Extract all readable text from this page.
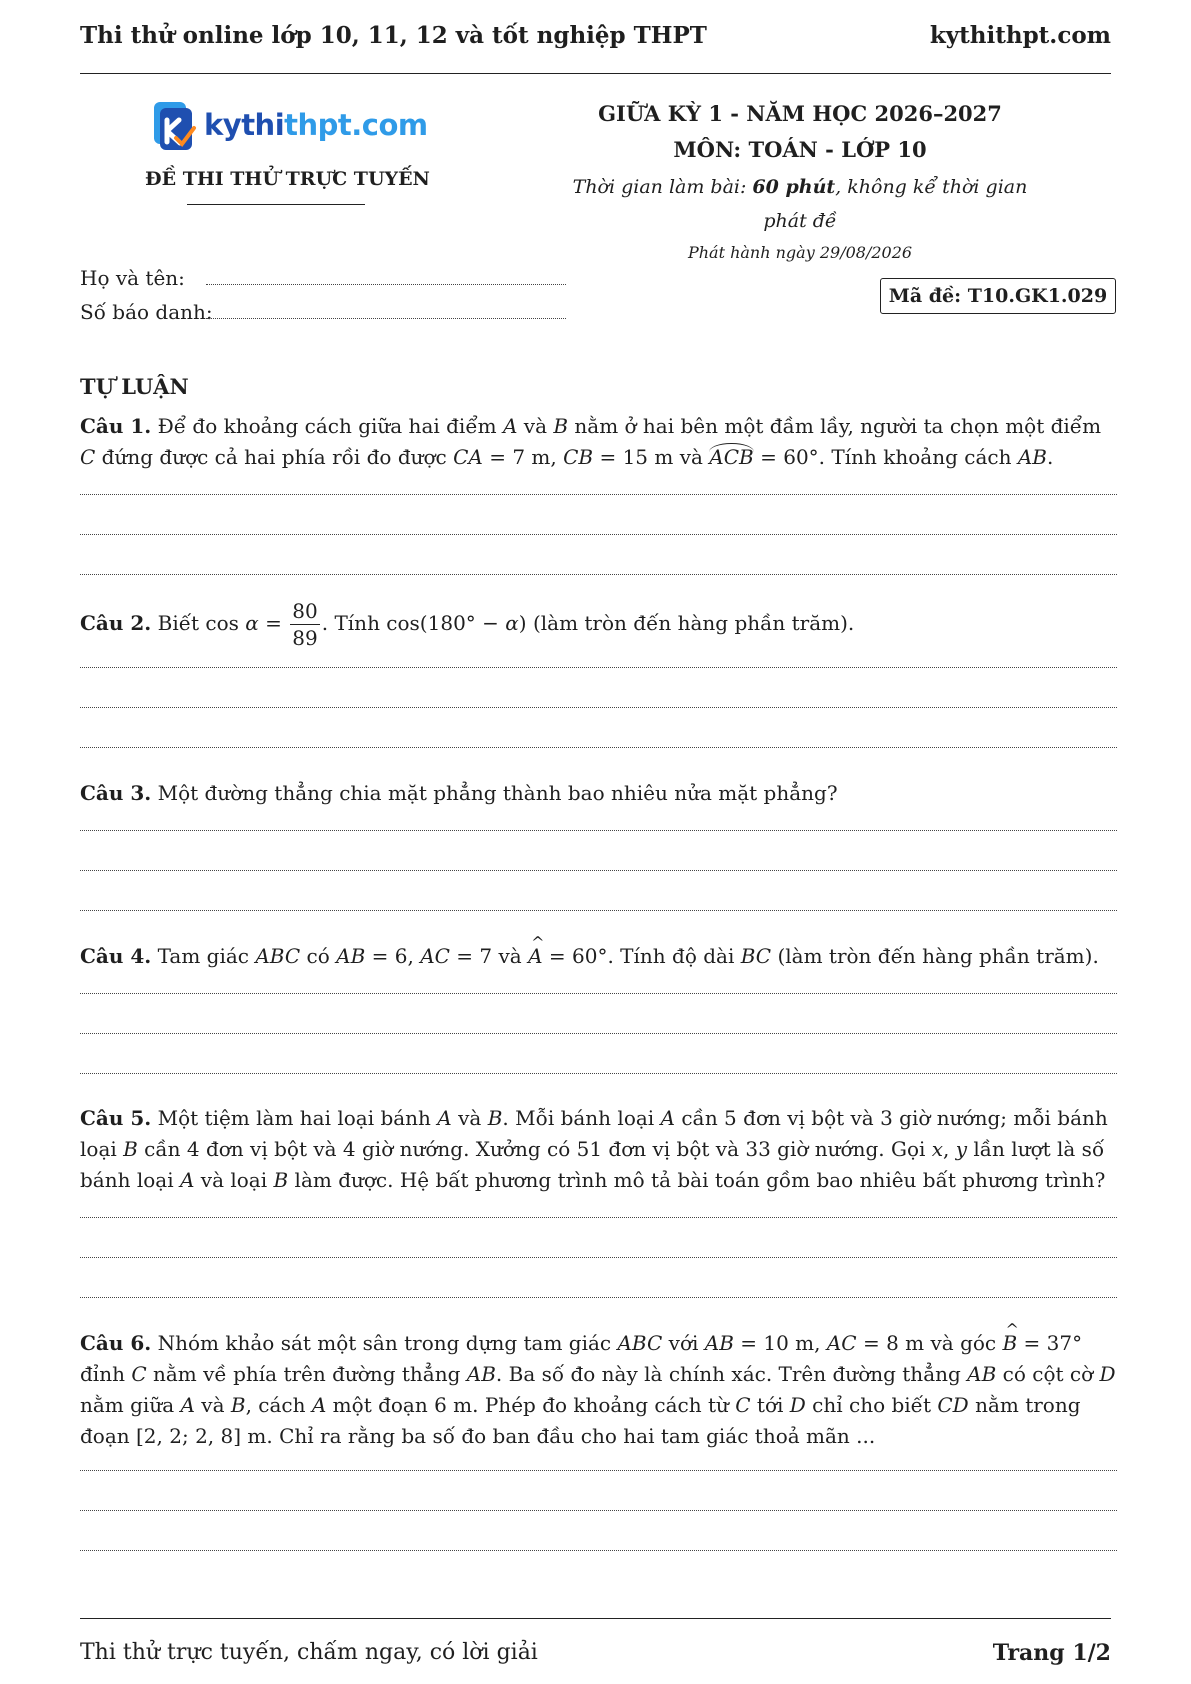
Thi thử online lớp 10, 11, 12 và tốt nghiệp THPT	kythithpt.com
kythithpt.com
ĐỀ THI THỬ TRỰC TUYẾN
GIỮA KỲ 1 - NĂM HỌC 2026–2027
MÔN: TOÁN - LỚP 10
Thời gian làm bài: 60 phút, không kể thời gian phát đề
Phát hành ngày 29/08/2026
Họ và tên:
Số báo danh:
Mã đề: T10.GK1.029
TỰ LUẬN

Câu 1. Để đo khoảng cách giữa hai điểm A và B nằm ở hai bên một đầm lầy, người ta chọn một điểm C đứng được cả hai phía rồi đo được CA = 7 m, CB = 15 m và ACB = 60°. Tính khoảng cách AB.

Câu 2. Biết $\cos \alpha = \frac{80}{89}$ . Tính cos(180° − α) (làm tròn đến hàng phần trăm).

Câu 3. Một đường thẳng chia mặt phẳng thành bao nhiêu nửa mặt phẳng?

Câu 4. Tam giác ABC có AB = 6, AC = 7 và ^ A = 60°. Tính độ dài BC (làm tròn đến hàng phần trăm).

Câu 5. Một tiệm làm hai loại bánh A và B. Mỗi bánh loại A cần 5 đơn vị bột và 3 giờ nướng; mỗi bánh loại B cần 4 đơn vị bột và 4 giờ nướng. Xưởng có 51 đơn vị bột và 33 giờ nướng. Gọi x, y lần lượt là số bánh loại A và loại B làm được. Hệ bất phương trình mô tả bài toán gồm bao nhiêu bất phương trình?

Câu 6. Nhóm khảo sát một sân trong dựng tam giác ABC với AB = 10 m, AC = 8 m và góc ^ B = 37° đỉnh C nằm về phía trên đường thẳng AB. Ba số đo này là chính xác. Trên đường thẳng AB có cột cờ D nằm giữa A và B, cách A một đoạn 6 m. Phép đo khoảng cách từ C tới D chỉ cho biết CD nằm trong đoạn [2, 2; 2, 8] m. Chỉ ra rằng ba số đo ban đầu cho hai tam giác thoả mãn ...

Thi thử trực tuyến, chấm ngay, có lời giải	Trang 1/2
